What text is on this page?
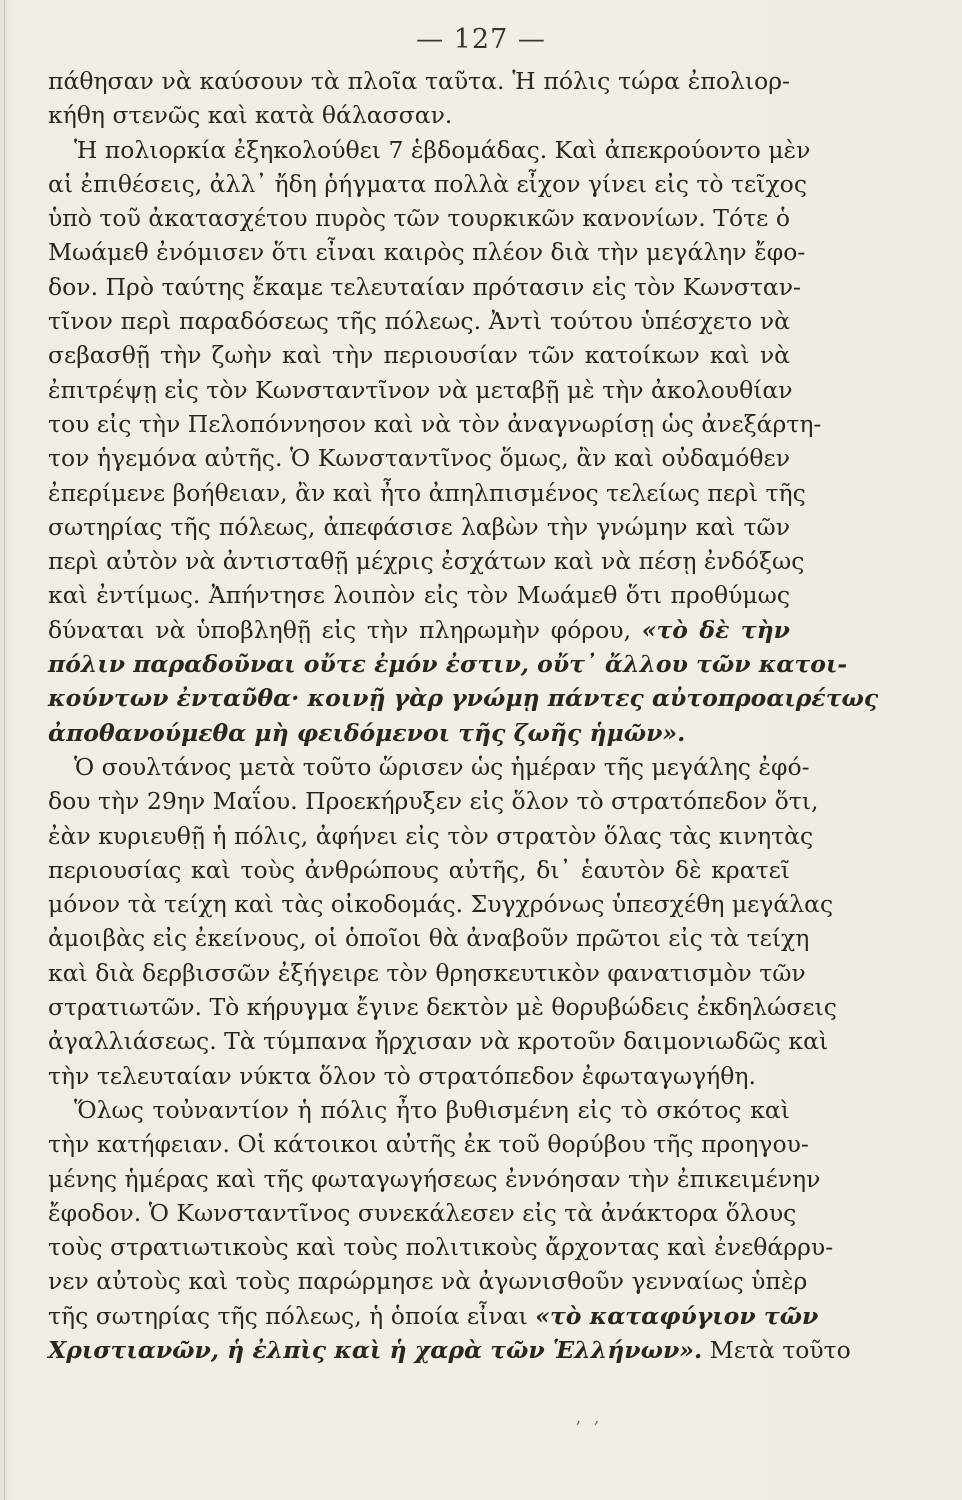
— 127 —
πάθησαν νὰ καύσουν τὰ πλοῖα ταῦτα. Ἡ πόλις τώρα ἐπολιορ-
κήθη στενῶς καὶ κατὰ θάλασσαν.
Ἡ πολιορκία ἐξηκολούθει 7 ἑβδομάδας. Καὶ ἀπεκρούοντο μὲν
αἱ ἐπιθέσεις, ἀλλ᾿ ἤδη ῥήγματα πολλὰ εἶχον γίνει εἰς τὸ τεῖχος
ὑπὸ τοῦ ἀκατασχέτου πυρὸς τῶν τουρκικῶν κανονίων. Τότε ὁ
Μωάμεθ ἐνόμισεν ὅτι εἶναι καιρὸς πλέον διὰ τὴν μεγάλην ἔφο-
δον. Πρὸ ταύτης ἔκαμε τελευταίαν πρότασιν εἰς τὸν Κωνσταν-
τῖνον περὶ παραδόσεως τῆς πόλεως. Ἀντὶ τούτου ὑπέσχετο νὰ
σεβασθῇ τὴν ζωὴν καὶ τὴν περιουσίαν τῶν κατοίκων καὶ νὰ
ἐπιτρέψῃ εἰς τὸν Κωνσταντῖνον νὰ μεταβῇ μὲ τὴν ἀκολουθίαν
του εἰς τὴν Πελοπόννησον καὶ νὰ τὸν ἀναγνωρίσῃ ὡς ἀνεξάρτη-
τον ἡγεμόνα αὐτῆς. Ὁ Κωνσταντῖνος ὅμως, ἂν καὶ οὐδαμόθεν
ἐπερίμενε βοήθειαν, ἂν καὶ ἦτο ἀπηλπισμένος τελείως περὶ τῆς
σωτηρίας τῆς πόλεως, ἀπεφάσισε λαβὼν τὴν γνώμην καὶ τῶν
περὶ αὐτὸν νὰ ἀντισταθῇ μέχρις ἐσχάτων καὶ νὰ πέσῃ ἐνδόξως
καὶ ἐντίμως. Ἀπήντησε λοιπὸν εἰς τὸν Μωάμεθ ὅτι προθύμως
δύναται νὰ ὑποβληθῇ εἰς τὴν πληρωμὴν φόρου, «τὸ δὲ τὴν
πόλιν παραδοῦναι οὔτε ἐμόν ἐστιν, οὔτ᾿ ἄλλου τῶν κατοι-
κούντων ἐνταῦθα· κοινῇ γὰρ γνώμῃ πάντες αὐτοπροαιρέτως
ἀποθανούμεθα μὴ φειδόμενοι τῆς ζωῆς ἡμῶν».
Ὁ σουλτάνος μετὰ τοῦτο ὥρισεν ὡς ἡμέραν τῆς μεγάλης ἐφό-
δου τὴν 29ην Μαΐου. Προεκήρυξεν εἰς ὅλον τὸ στρατόπεδον ὅτι,
ἐὰν κυριευθῇ ἡ πόλις, ἀφήνει εἰς τὸν στρατὸν ὅλας τὰς κινητὰς
περιουσίας καὶ τοὺς ἀνθρώπους αὐτῆς, δι᾿ ἑαυτὸν δὲ κρατεῖ
μόνον τὰ τείχη καὶ τὰς οἰκοδομάς. Συγχρόνως ὑπεσχέθη μεγάλας
ἀμοιβὰς εἰς ἐκείνους, οἱ ὁποῖοι θὰ ἀναβοῦν πρῶτοι εἰς τὰ τείχη
καὶ διὰ δερβισσῶν ἐξήγειρε τὸν θρησκευτικὸν φανατισμὸν τῶν
στρατιωτῶν. Τὸ κήρυγμα ἔγινε δεκτὸν μὲ θορυβώδεις ἐκδηλώσεις
ἀγαλλιάσεως. Τὰ τύμπανα ἤρχισαν νὰ κροτοῦν δαιμονιωδῶς καὶ
τὴν τελευταίαν νύκτα ὅλον τὸ στρατόπεδον ἐφωταγωγήθη.
Ὅλως τοὐναντίον ἡ πόλις ἦτο βυθισμένη εἰς τὸ σκότος καὶ
τὴν κατήφειαν. Οἱ κάτοικοι αὐτῆς ἐκ τοῦ θορύβου τῆς προηγου-
μένης ἡμέρας καὶ τῆς φωταγωγήσεως ἐννόησαν τὴν ἐπικειμένην
ἔφοδον. Ὁ Κωνσταντῖνος συνεκάλεσεν εἰς τὰ ἀνάκτορα ὅλους
τοὺς στρατιωτικοὺς καὶ τοὺς πολιτικοὺς ἄρχοντας καὶ ἐνεθάρρυ-
νεν αὐτοὺς καὶ τοὺς παρώρμησε νὰ ἀγωνισθοῦν γενναίως ὑπὲρ
τῆς σωτηρίας τῆς πόλεως, ἡ ὁποία εἶναι «τὸ καταφύγιον τῶν
Χριστιανῶν, ἡ ἐλπὶς καὶ ἡ χαρὰ τῶν Ἑλλήνων». Μετὰ τοῦτο
, ,
